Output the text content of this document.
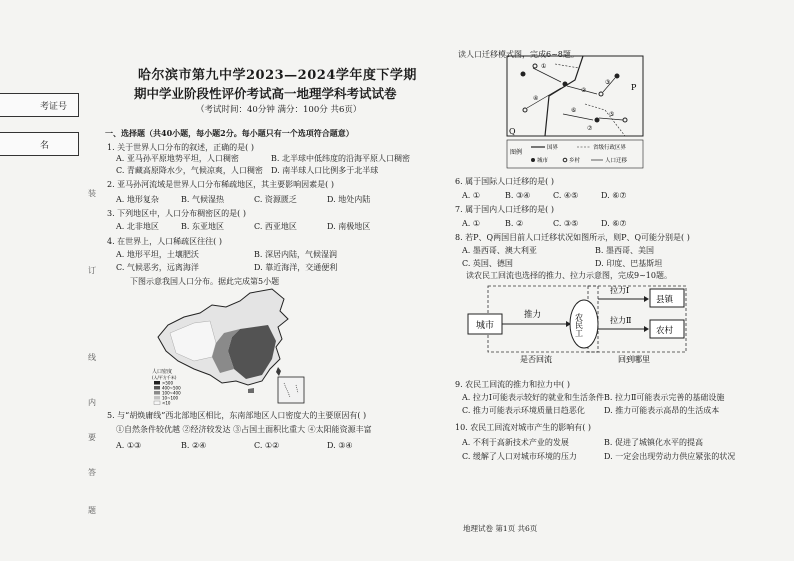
考证号
名
装
订
线
内
要
答
题
哈尔滨市第九中学2023—2024学年度下学期
期中学业阶段性评价考试高一地理学科考试试卷
（考试时间：40分钟 满分：100分 共6页）
一、选择题（共40小题，每小题2分。每小题只有一个选项符合题意）
1. 关于世界人口分布的叙述，正确的是( )
A. 亚马孙平原地势平坦，人口稠密	B. 北半球中低纬度的沿海平原人口稠密
C. 青藏高原降水少，气候凉爽，人口稠密 D. 南半球人口比例多于北半球
2. 亚马孙河流域是世界人口分布稀疏地区，其主要影响因素是( )
A. 地形复杂	B. 气候湿热	C. 资源匮乏	D. 地处内陆
3. 下列地区中，人口分布稠密区的是( )
A. 北非地区	B. 东亚地区	C. 西亚地区	D. 南极地区
4. 在世界上，人口稀疏区往往( )
A. 地形平坦，土壤肥沃	B. 深居内陆，气候湿润
C. 气候恶劣，远离海洋	D. 靠近海洋，交通便利
下图示意我国人口分布。据此完成第5小题
人口密度
(人/平方千米)
>500
400~500
100~400
10~100
<10
5. 与“胡焕庸线”西北部地区相比，东南部地区人口密度大的主要原因有( )
①自然条件较优越 ②经济较发达 ③占国土面积比重大 ④太阳能资源丰富
A. ①③	B. ②④	C. ①②	D. ③④
读人口迁移模式图，完成6~8题。
P
Q
①
②
③
④
⑤
⑥
⑦
图例
国界	省级行政区界
城市	乡村	人口迁移
6. 属于国际人口迁移的是( )
A. ①	B. ③④	C. ④⑤	D. ⑥⑦
7. 属于国内人口迁移的是( )
A. ①	B. ②	C. ③⑤	D. ⑥⑦
8. 若P、Q两国目前人口迁移状况如图所示，则P、Q可能分别是( )
A. 墨西哥、澳大利亚	B. 墨西哥、美国
C. 英国、德国	D. 印度、巴基斯坦
读农民工回流也选择的推力、拉力示意图，完成9~10题。
城市
推力	农民工
拉力Ⅰ
拉力Ⅱ
县镇
农村
是否回流	回到哪里
9. 农民工回流的推力和拉力中( )
A. 拉力Ⅰ可能表示较好的就业和生活条件 B. 拉力Ⅱ可能表示完善的基础设施
C. 推力可能表示环境质量日趋恶化 D. 推力可能表示高昂的生活成本
10. 农民工回流对城市产生的影响有( )
A. 不利于高新技术产业的发展	B. 促进了城镇化水平的提高
C. 缓解了人口对城市环境的压力	D. 一定会出现劳动力供应紧张的状况
地理试卷 第1页 共6页
